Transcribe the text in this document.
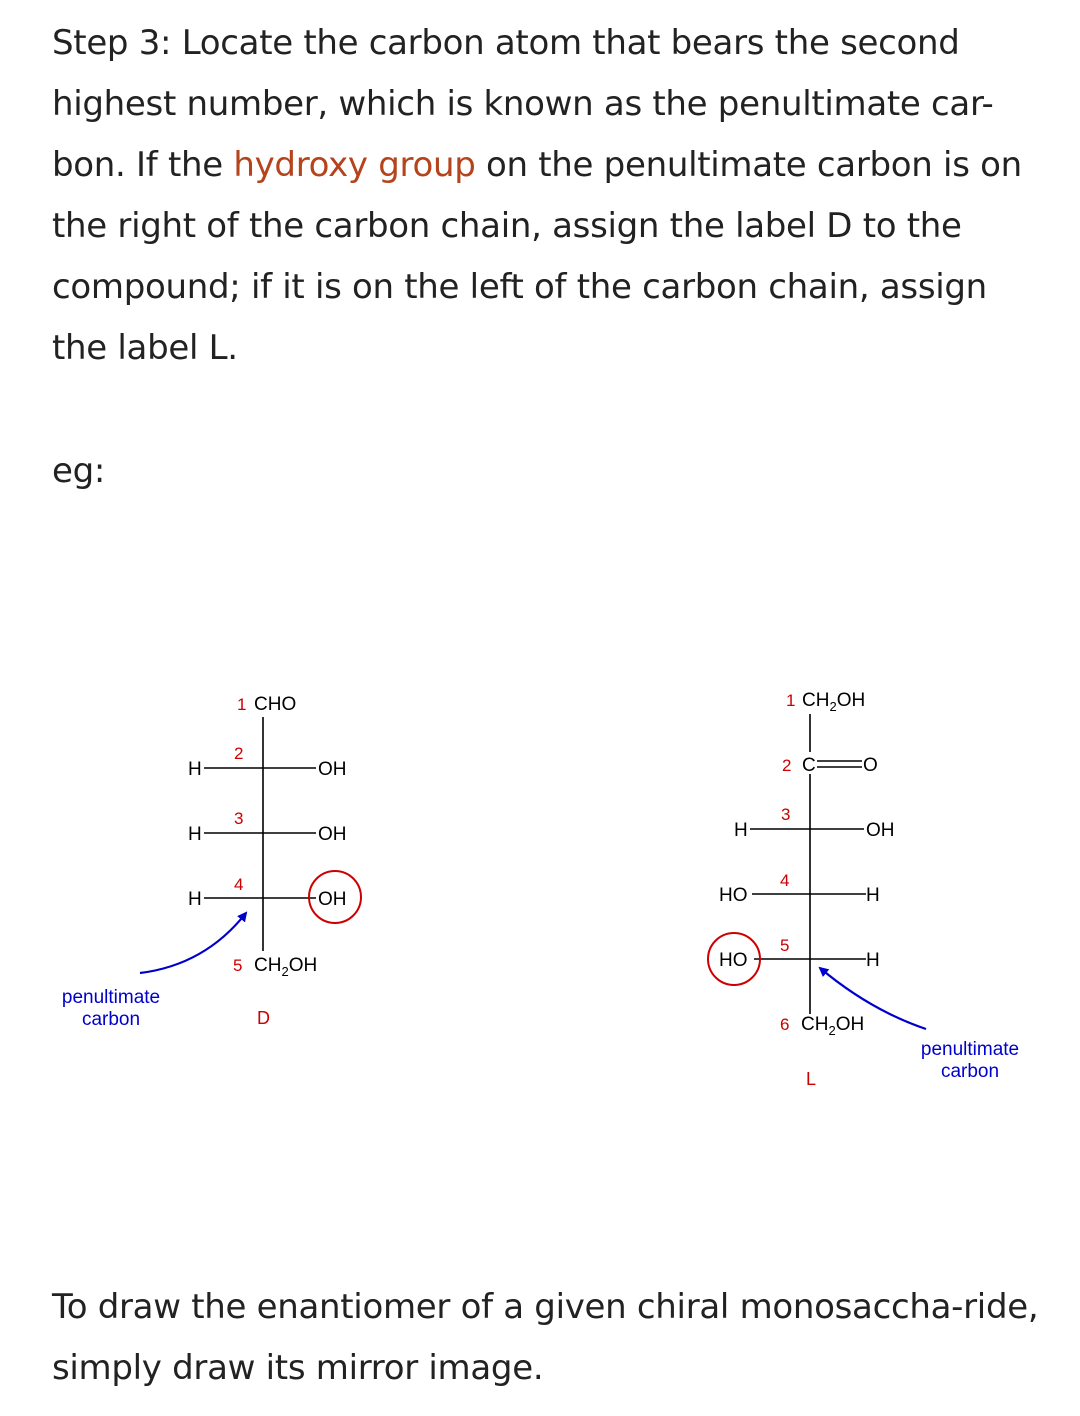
Step 3: Locate the carbon atom that bears the second highest number, which is known as the penultimate car-bon. If the hydroxy group on the penultimate carbon is on the right of the carbon chain, assign the label D to the compound; if it is on the left of the carbon chain, assign the label L.

eg:

1 CHO
2
H	OH
3
H	OH
4
H	OH
5 $CH_2OH$
D
penultimate
carbon
1 $CH_2OH$
2 C O
3
H	OH
4
HO	H
5
HO	H
6 $CH_2OH$
L
penultimate
carbon

To draw the enantiomer of a given chiral monosaccha-ride, simply draw its mirror image.
